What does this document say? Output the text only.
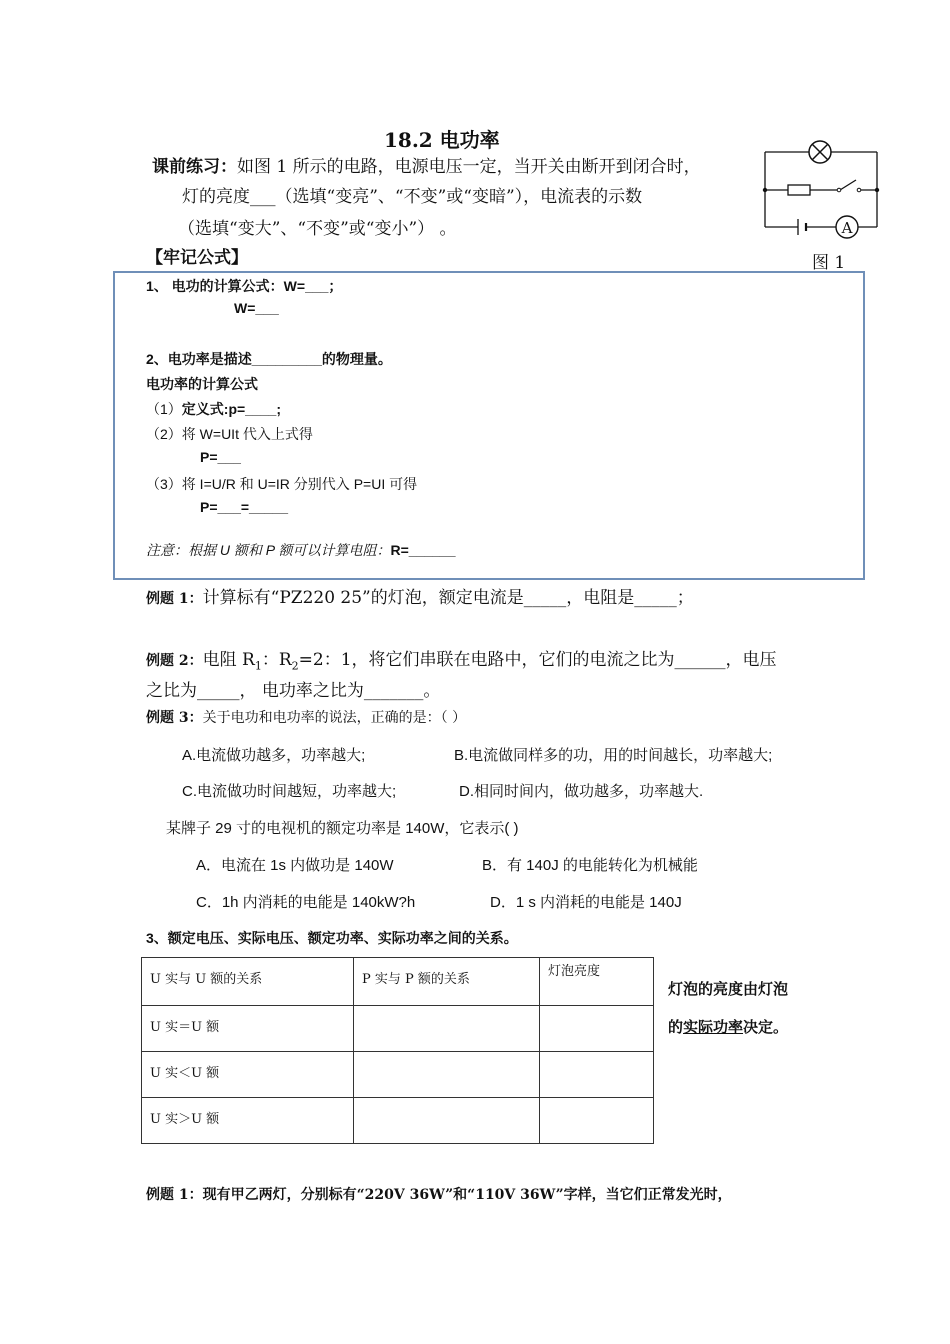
18.2 电功率
课前练习：如图 1 所示的电路，电源电压一定，当开关由断开到闭合时，
灯的亮度___（选填“变亮”、“不变”或“变暗”），电流表的示数
（选填“变大”、“不变”或“变小”） 。	A
图 1
【牢记公式】
1、 电功的计算公式：W=___；
W=___
2、电功率是描述_________的物理量。
电功率的计算公式
（1）定义式:p=____;
（2）将 W=UIt 代入上式得
P=___
（3）将 I=U/R 和 U=IR 分别代入 P=UI 可得
P=___=_____
注意：根据 U 额和 P 额可以计算电阻：R=______
例题 1：计算标有“PZ220 25”的灯泡，额定电流是_____，电阻是_____；
例题 2：电阻 $R_1$：$R_2=2$：1，将它们串联在电路中，它们的电流之比为______，电压
之比为_____， 电功率之比为_______。
例题 3：关于电功和电功率的说法，正确的是：（ ）
A.电流做功越多，功率越大;	B.电流做同样多的功，用的时间越长，功率越大;
C.电流做功时间越短，功率越大;	D.相同时间内，做功越多，功率越大.
某牌子 29 寸的电视机的额定功率是 140W，它表示( )
A．电流在 1s 内做功是 140W	B．有 140J 的电能转化为机械能
C．1h 内消耗的电能是 140kW?h	D．1 s 内消耗的电能是 140J
3、额定电压、实际电压、额定功率、实际功率之间的关系。
U 实与 U 额的关系	P 实与 P 额的关系	灯泡亮度
U 实＝U 额		
U 实＜U 额		
U 实＞U 额		
灯泡的亮度由灯泡
的实际功率决定。
例题 1：现有甲乙两灯，分别标有“220V 36W”和“110V 36W”字样，当它们正常发光时，
